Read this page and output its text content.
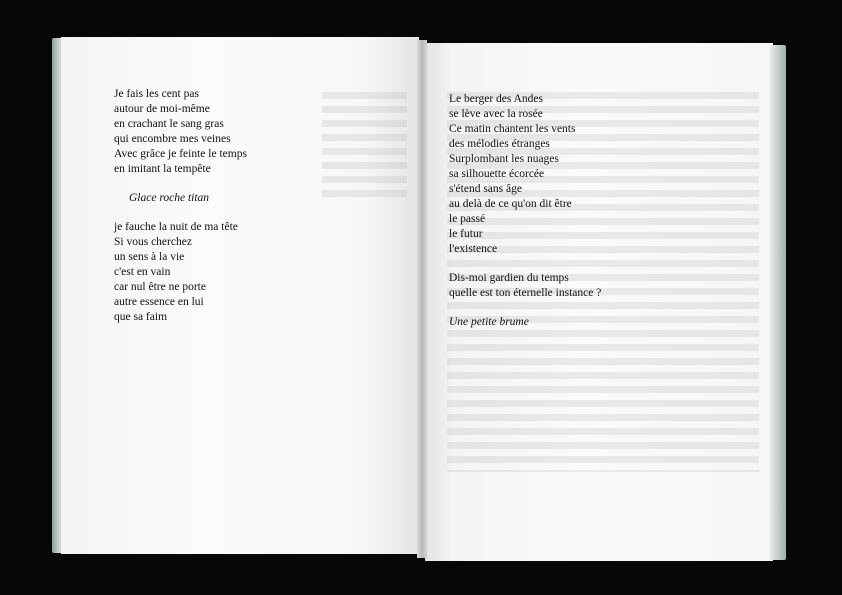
Je fais les cent pas
autour de moi-même
en crachant le sang gras
qui encombre mes veines
Avec grâce je feinte le temps
en imitant la tempête
Glace roche titan
je fauche la nuit de ma tête
Si vous cherchez
un sens à la vie
c'est en vain
car nul être ne porte
autre essence en lui
que sa faim
Le berger des Andes
se lève avec la rosée
Ce matin chantent les vents
des mélodies étranges
Surplombant les nuages
sa silhouette écorcée
s'étend sans âge
au delà de ce qu'on dit être
le passé
le futur
l'existence
Dis-moi gardien du temps
quelle est ton éternelle instance ?
Une petite brume
